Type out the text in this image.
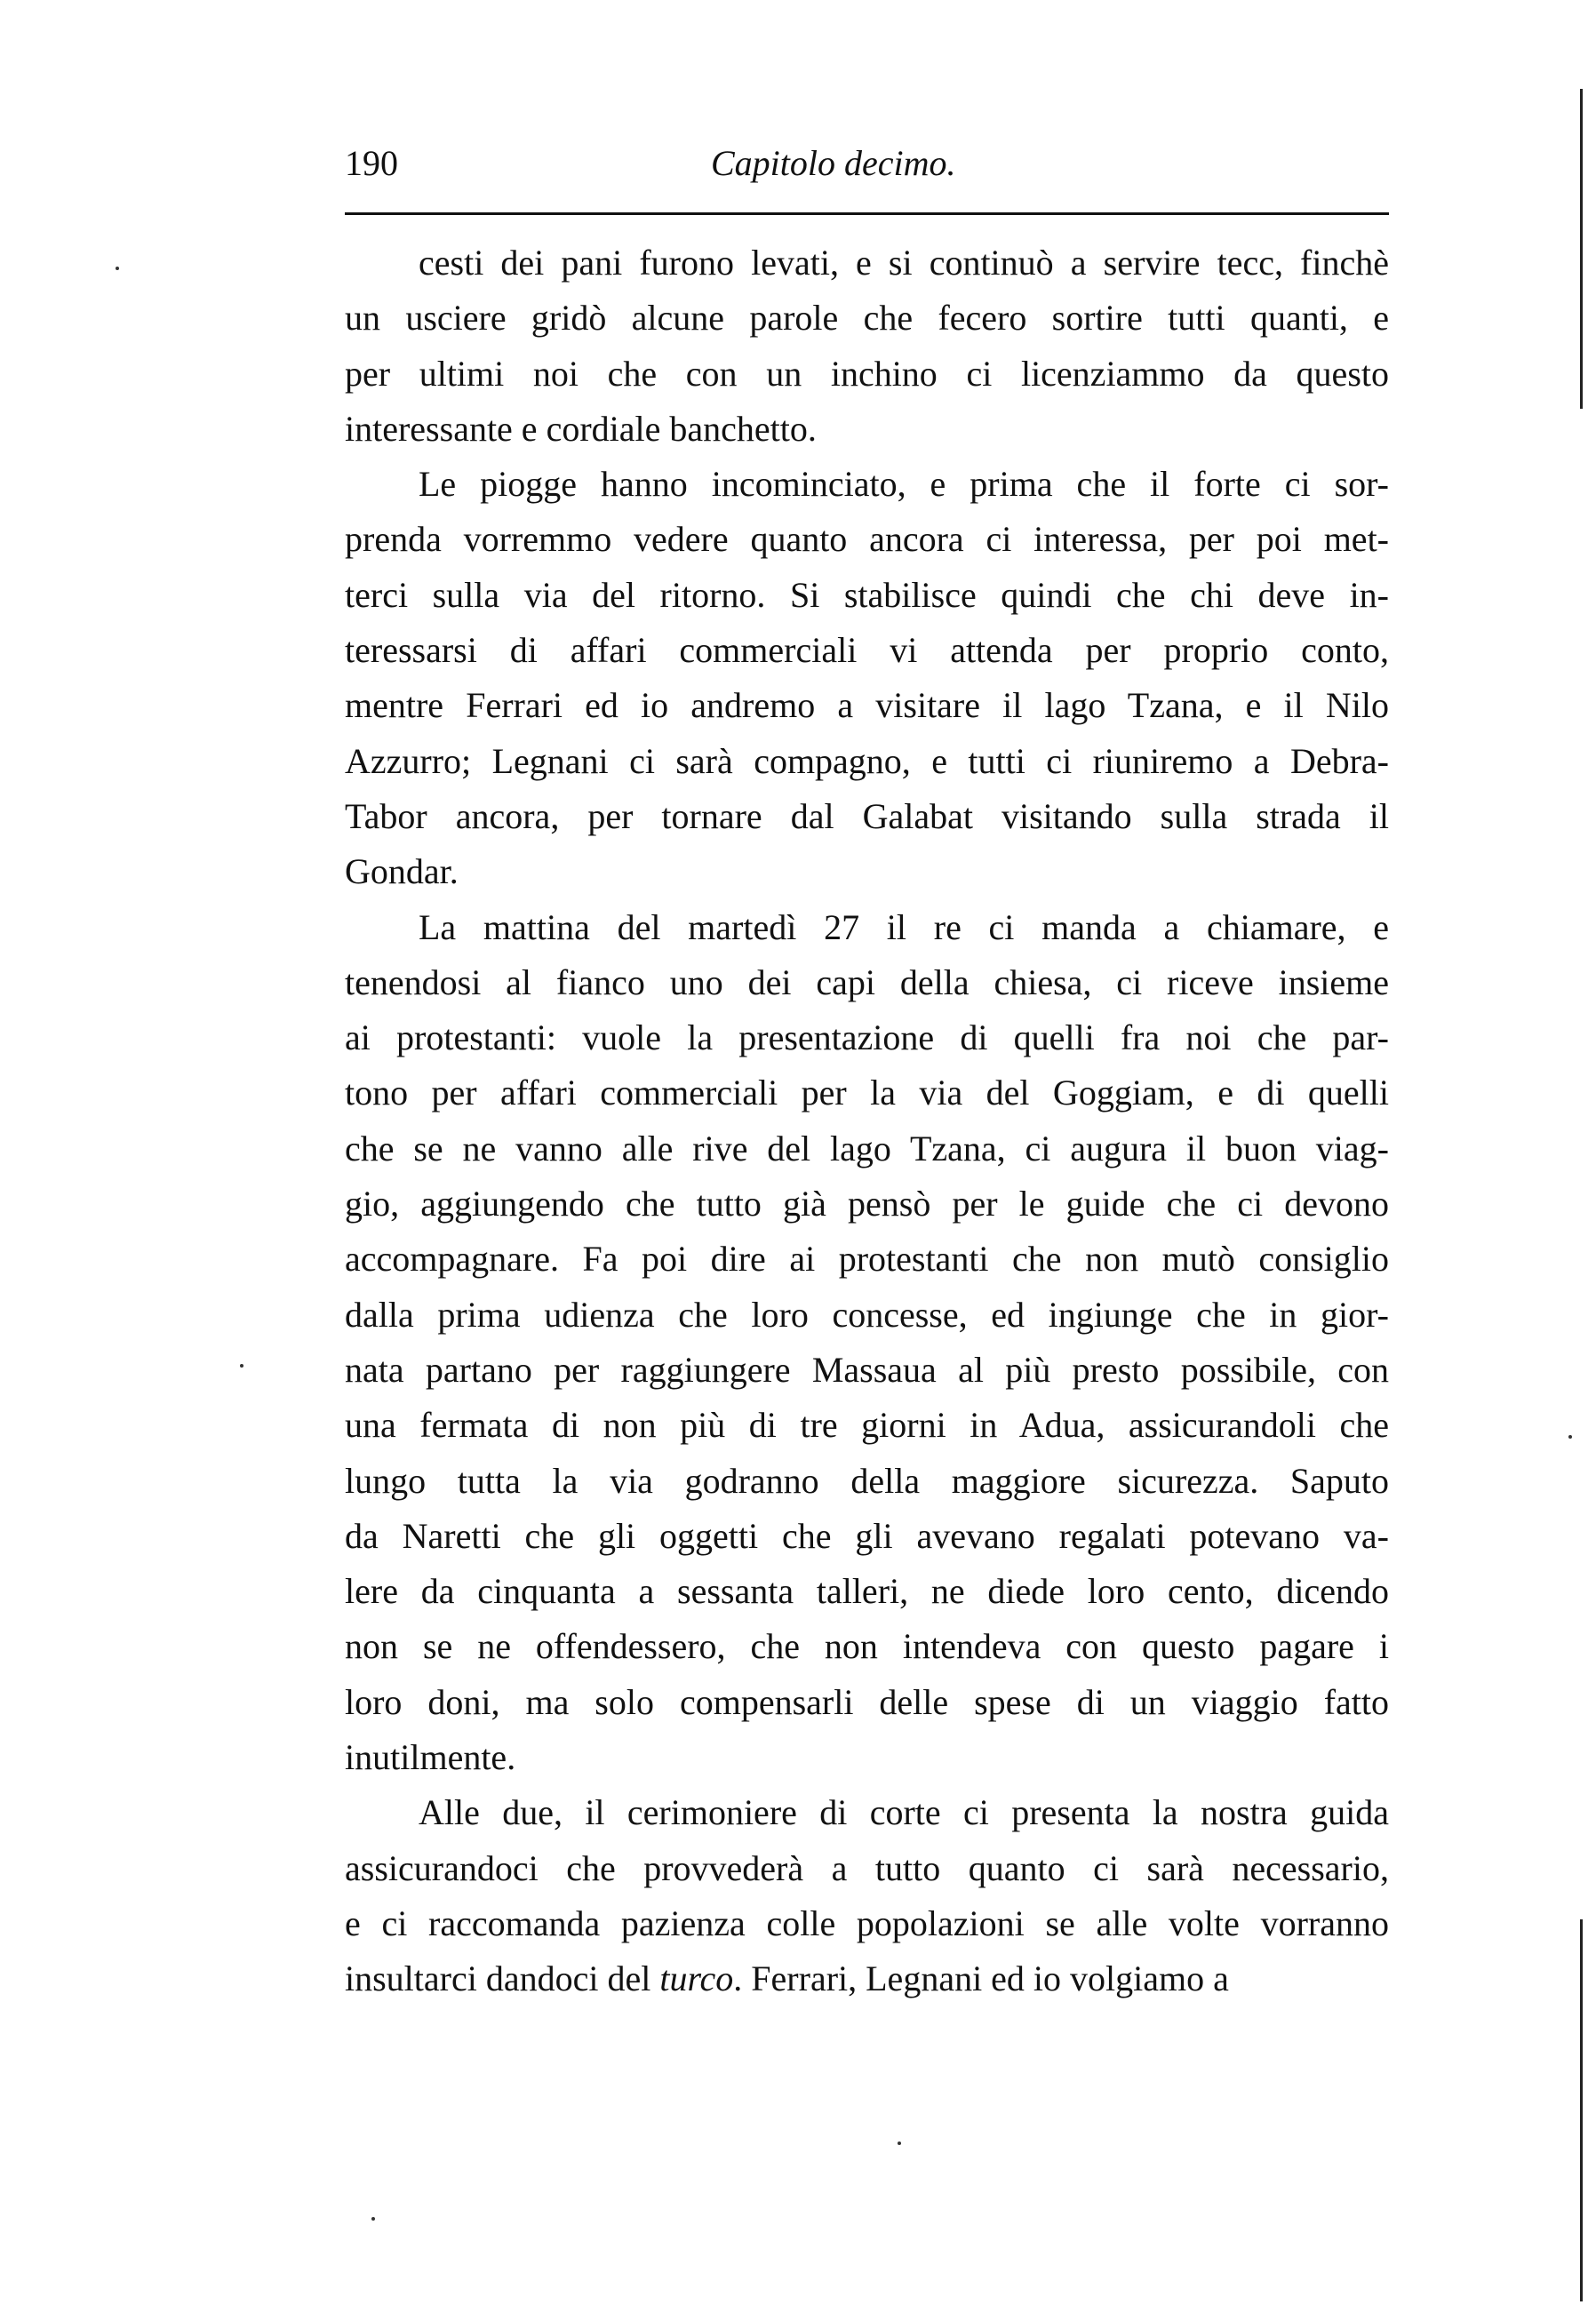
190	Capitolo decimo.
cesti dei pani furono levati, e si continuò a servire tecc, finchè
un usciere gridò alcune parole che fecero sortire tutti quanti, e
per ultimi noi che con un inchino ci licenziammo da questo
interessante e cordiale banchetto.
Le piogge hanno incominciato, e prima che il forte ci sor-
prenda vorremmo vedere quanto ancora ci interessa, per poi met-
terci sulla via del ritorno. Si stabilisce quindi che chi deve in-
teressarsi di affari commerciali vi attenda per proprio conto,
mentre Ferrari ed io andremo a visitare il lago Tzana, e il Nilo
Azzurro; Legnani ci sarà compagno, e tutti ci riuniremo a Debra-
Tabor ancora, per tornare dal Galabat visitando sulla strada il
Gondar.
La mattina del martedì 27 il re ci manda a chiamare, e
tenendosi al fianco uno dei capi della chiesa, ci riceve insieme
ai protestanti: vuole la presentazione di quelli fra noi che par-
tono per affari commerciali per la via del Goggiam, e di quelli
che se ne vanno alle rive del lago Tzana, ci augura il buon viag-
gio, aggiungendo che tutto già pensò per le guide che ci devono
accompagnare. Fa poi dire ai protestanti che non mutò consiglio
dalla prima udienza che loro concesse, ed ingiunge che in gior-
nata partano per raggiungere Massaua al più presto possibile, con
una fermata di non più di tre giorni in Adua, assicurandoli che
lungo tutta la via godranno della maggiore sicurezza. Saputo
da Naretti che gli oggetti che gli avevano regalati potevano va-
lere da cinquanta a sessanta talleri, ne diede loro cento, dicendo
non se ne offendessero, che non intendeva con questo pagare i
loro doni, ma solo compensarli delle spese di un viaggio fatto
inutilmente.
Alle due, il cerimoniere di corte ci presenta la nostra guida
assicurandoci che provvederà a tutto quanto ci sarà necessario,
e ci raccomanda pazienza colle popolazioni se alle volte vorranno
insultarci dandoci del turco. Ferrari, Legnani ed io volgiamo a
